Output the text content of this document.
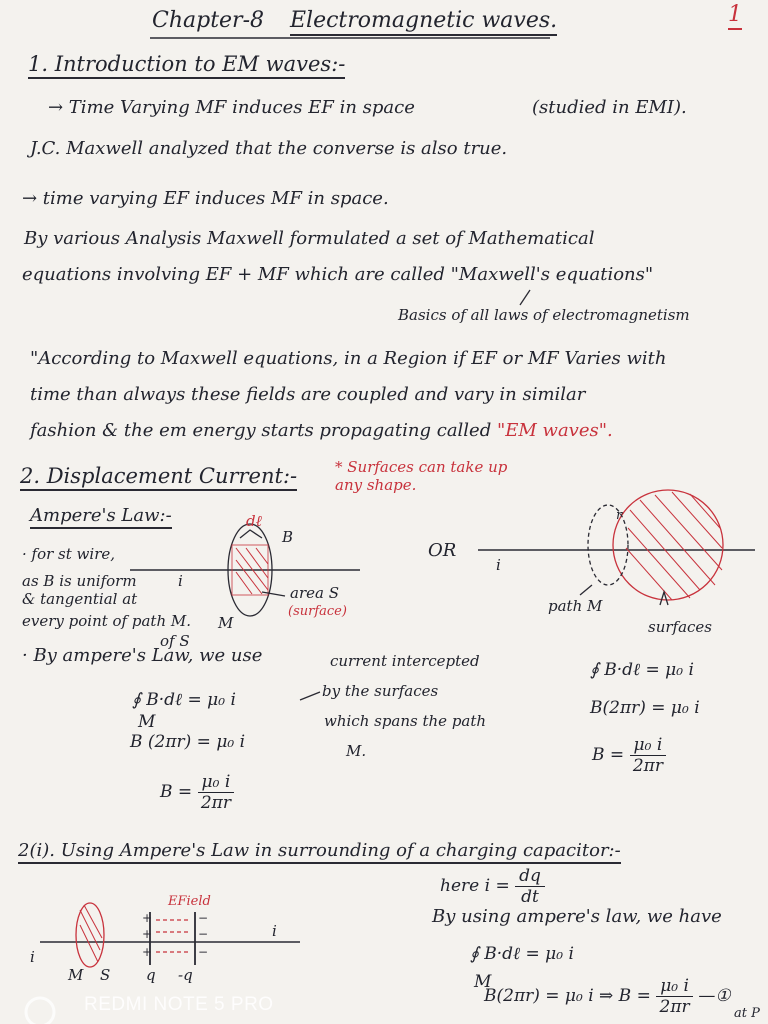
+
+
+
−
−
−
Chapter-8 Electromagnetic waves.	1
1. Introduction to EM waves:-
→ Time Varying MF induces EF in space	(studied in EMI).
J.C. Maxwell analyzed that the converse is also true.
→ time varying EF induces MF in space.
By various Analysis Maxwell formulated a set of Mathematical
equations involving EF + MF which are called "Maxwell's equations"
Basics of all laws of electromagnetism
"According to Maxwell equations, in a Region if EF or MF Varies with
time than always these fields are coupled and vary in similar
fashion & the em energy starts propagating called "EM waves".
2. Displacement Current:-	* Surfaces can take up any shape.
Ampere's Law:-
· for st wire,
as B is uniform
& tangential at
every point of path M.
dℓ
B
i
area S
(surface)
M
of S
OR
i
path M
surfaces
r
· By ampere's Law, we use
∮ B·dℓ = μ₀ i
M
B (2πr) = μ₀ i
$B = \frac{\text{μ₀ i}}{2\pi r}$
current intercepted
by the surfaces
which spans the path
M.
∮ B·dℓ = μ₀ i
B(2πr) = μ₀ i
$B = \frac{\text{μ₀ i}}{2\pi r}$
2(i). Using Ampere's Law in surrounding of a charging capacitor:-
EField
i
M S q -q
i
here $i = \frac{dq}{dt}$
By using ampere's law, we have
∮ B·dℓ = μ₀ i
M
B(2πr) = μ₀ i ⇒ $B = \frac{\text{μ₀ i}}{2\pi r}$ —①
at P
REDMI NOTE 5 PRO
